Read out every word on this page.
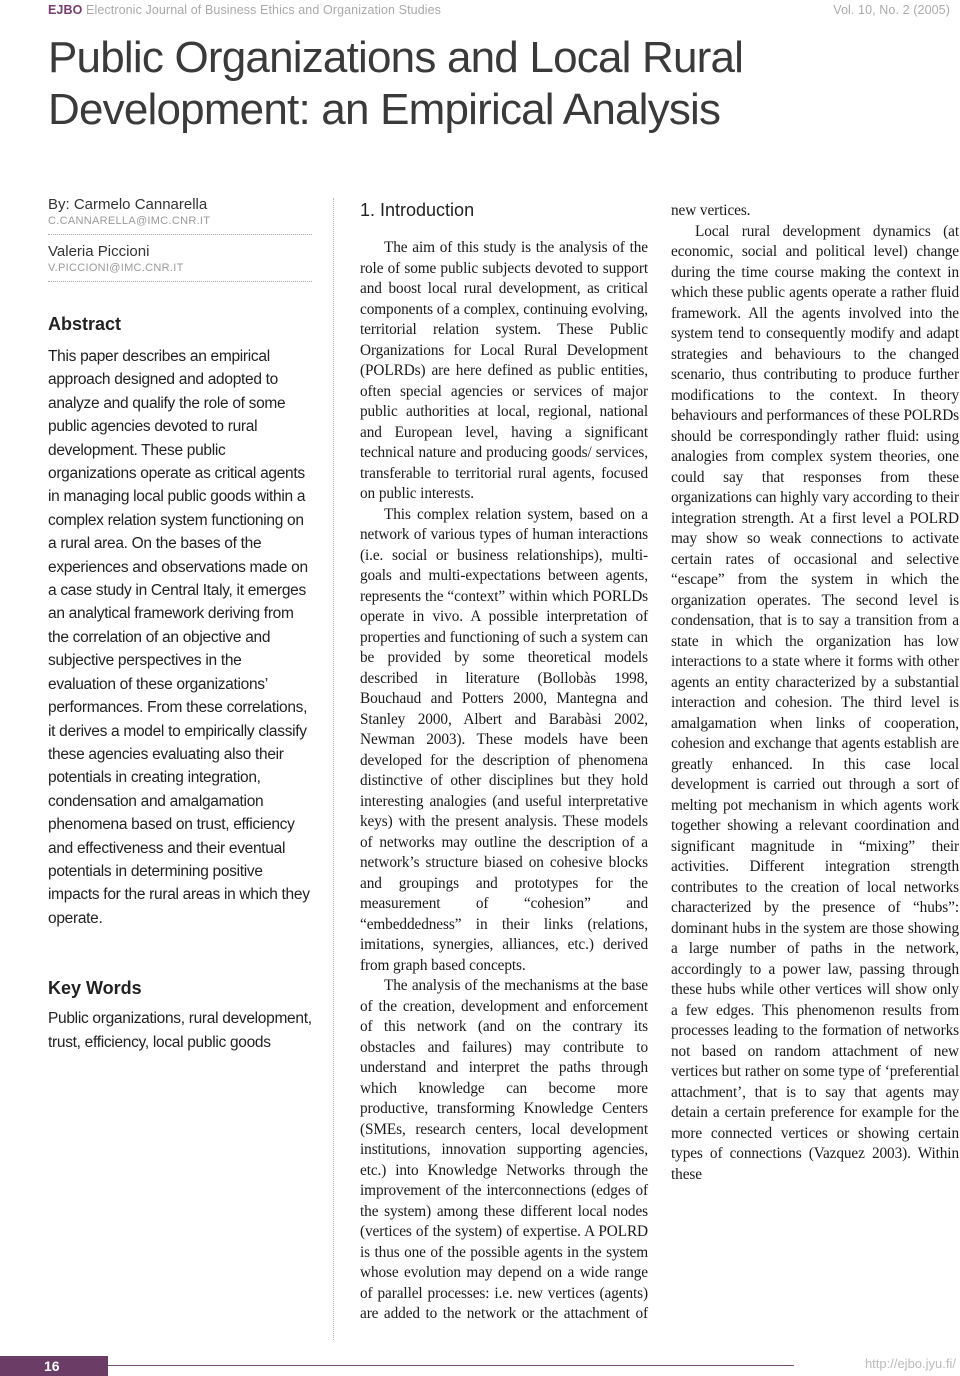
EJBO Electronic Journal of Business Ethics and Organization Studies	Vol. 10, No. 2 (2005)
Public Organizations and Local Rural
Development: an Empirical Analysis
By: Carmelo Cannarella
C.CANNARELLA@IMC.CNR.IT
Valeria Piccioni
V.PICCIONI@IMC.CNR.IT
Abstract

This paper describes an empirical approach designed and adopted to analyze and qualify the role of some public agencies devoted to rural development. These public organizations operate as critical agents in managing local public goods within a complex relation system functioning on a rural area. On the bases of the experiences and observations made on a case study in Central Italy, it emerges an analytical framework deriving from the correlation of an objective and subjective perspectives in the evaluation of these organizations’ performances. From these correlations, it derives a model to empirically classify these agencies evaluating also their potentials in creating integration, condensation and amalgamation phenomena based on trust, efficiency and effectiveness and their eventual potentials in determining positive impacts for the rural areas in which they operate.

Key Words

Public organizations, rural development, trust, efficiency, local public goods

1. Introduction

The aim of this study is the analysis of the role of some public subjects devoted to support and boost local rural development, as critical components of a complex, continuing evolving, territorial relation system. These Public Organizations for Local Rural Development (POLRDs) are here defined as public entities, often special agencies or services of major public authorities at local, regional, national and European level, having a significant technical nature and producing goods/ services, transferable to territorial rural agents, focused on public interests.

This complex relation system, based on a network of various types of human interactions (i.e. social or business relationships), multi-goals and multi-expectations between agents, represents the “context” within which PORLDs operate in vivo. A possible interpretation of properties and functioning of such a system can be provided by some theoretical models described in literature (Bollobàs 1998, Bouchaud and Potters 2000, Mantegna and Stanley 2000, Albert and Barabàsi 2002, Newman 2003). These models have been developed for the description of phenomena distinctive of other disciplines but they hold interesting analogies (and useful interpretative keys) with the present analysis. These models of networks may outline the description of a network’s structure biased on cohesive blocks and groupings and prototypes for the measurement of “cohesion” and “embeddedness” in their links (relations, imitations, synergies, alliances, etc.) derived from graph based concepts.

The analysis of the mechanisms at the base of the creation, development and enforcement of this network (and on the contrary its obstacles and failures) may contribute to understand and interpret the paths through which knowledge can become more productive, transforming Knowledge Centers (SMEs, research centers, local development institutions, innovation supporting agencies, etc.) into Knowledge Networks through the improvement of the interconnections (edges of the system) among these different local nodes (vertices of the system) of expertise. A POLRD is thus one of the possible agents in the system whose evolution may depend on a wide range of parallel processes: i.e. new vertices (agents) are added to the network or the attachment of

new vertices.

Local rural development dynamics (at economic, social and political level) change during the time course making the context in which these public agents operate a rather fluid framework. All the agents involved into the system tend to consequently modify and adapt strategies and behaviours to the changed scenario, thus contributing to produce further modifications to the context. In theory behaviours and performances of these POLRDs should be correspondingly rather fluid: using analogies from complex system theories, one could say that responses from these organizations can highly vary according to their integration strength. At a first level a POLRD may show so weak connections to activate certain rates of occasional and selective “escape” from the system in which the organization operates. The second level is condensation, that is to say a transition from a state in which the organization has low interactions to a state where it forms with other agents an entity characterized by a substantial interaction and cohesion. The third level is amalgamation when links of cooperation, cohesion and exchange that agents establish are greatly enhanced. In this case local development is carried out through a sort of melting pot mechanism in which agents work together showing a relevant coordination and significant magnitude in “mixing” their activities. Different integration strength contributes to the creation of local networks characterized by the presence of “hubs”: dominant hubs in the system are those showing a large number of paths in the network, accordingly to a power law, passing through these hubs while other vertices will show only a few edges. This phenomenon results from processes leading to the formation of networks not based on random attachment of new vertices but rather on some type of ‘preferential attachment’, that is to say that agents may detain a certain preference for example for the more connected vertices or showing certain types of connections (Vazquez 2003). Within these

16	http://ejbo.jyu.fi/
